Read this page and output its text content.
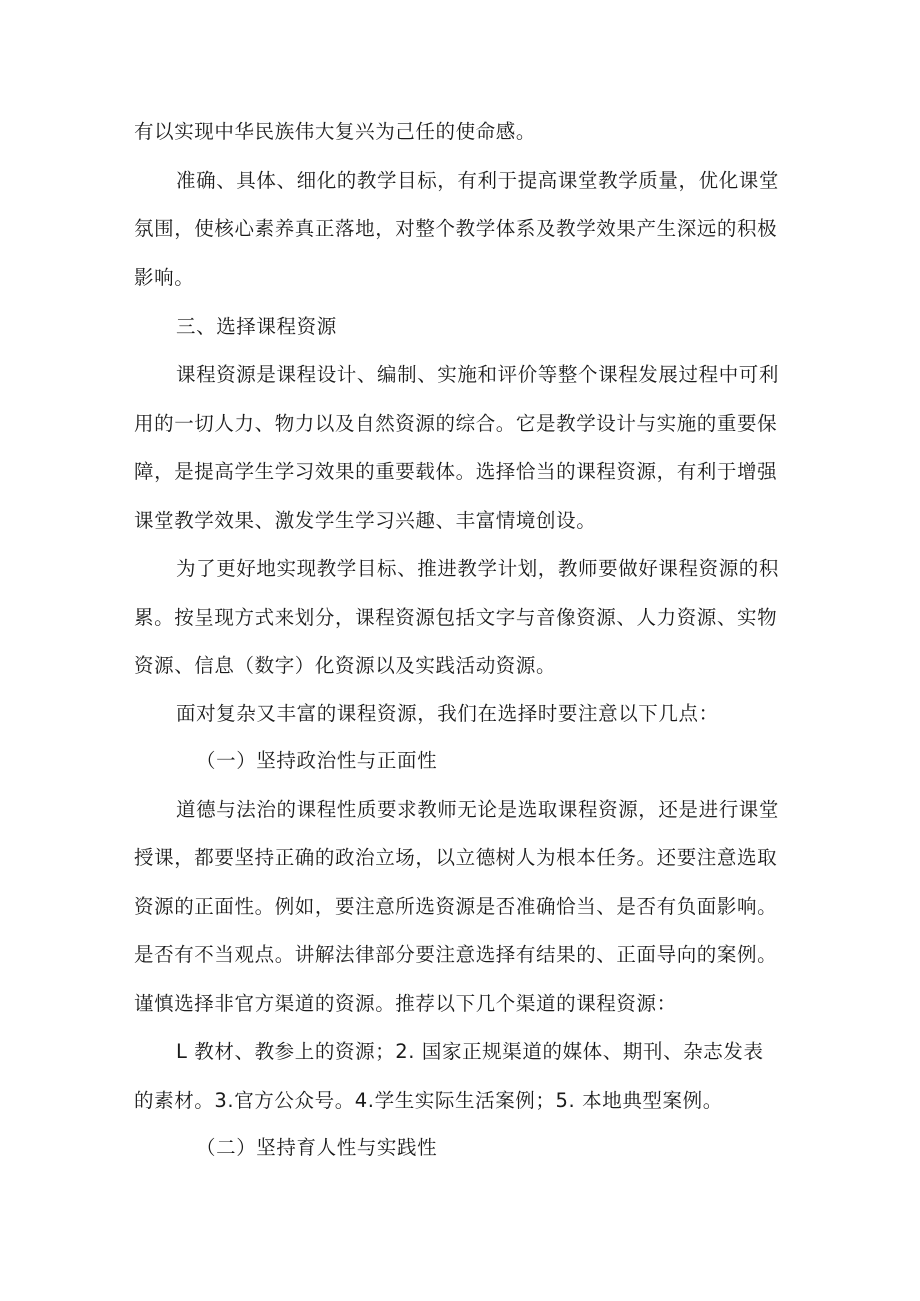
有以实现中华民族伟大复兴为己任的使命感。
准确、具体、细化的教学目标，有利于提高课堂教学质量，优化课堂
氛围，使核心素养真正落地，对整个教学体系及教学效果产生深远的积极
影响。
三、选择课程资源
课程资源是课程设计、编制、实施和评价等整个课程发展过程中可利
用的一切人力、物力以及自然资源的综合。它是教学设计与实施的重要保
障，是提高学生学习效果的重要载体。选择恰当的课程资源，有利于增强
课堂教学效果、激发学生学习兴趣、丰富情境创设。
为了更好地实现教学目标、推进教学计划，教师要做好课程资源的积
累。按呈现方式来划分，课程资源包括文字与音像资源、人力资源、实物
资源、信息（数字）化资源以及实践活动资源。
面对复杂又丰富的课程资源，我们在选择时要注意以下几点：
（一）坚持政治性与正面性
道德与法治的课程性质要求教师无论是选取课程资源，还是进行课堂
授课，都要坚持正确的政治立场，以立德树人为根本任务。还要注意选取
资源的正面性。例如，要注意所选资源是否准确恰当、是否有负面影响。
是否有不当观点。讲解法律部分要注意选择有结果的、正面导向的案例。
谨慎选择非官方渠道的资源。推荐以下几个渠道的课程资源：
L 教材、教参上的资源；2. 国家正规渠道的媒体、期刊、杂志发表
的素材。3.官方公众号。4.学生实际生活案例；5. 本地典型案例。
（二）坚持育人性与实践性
